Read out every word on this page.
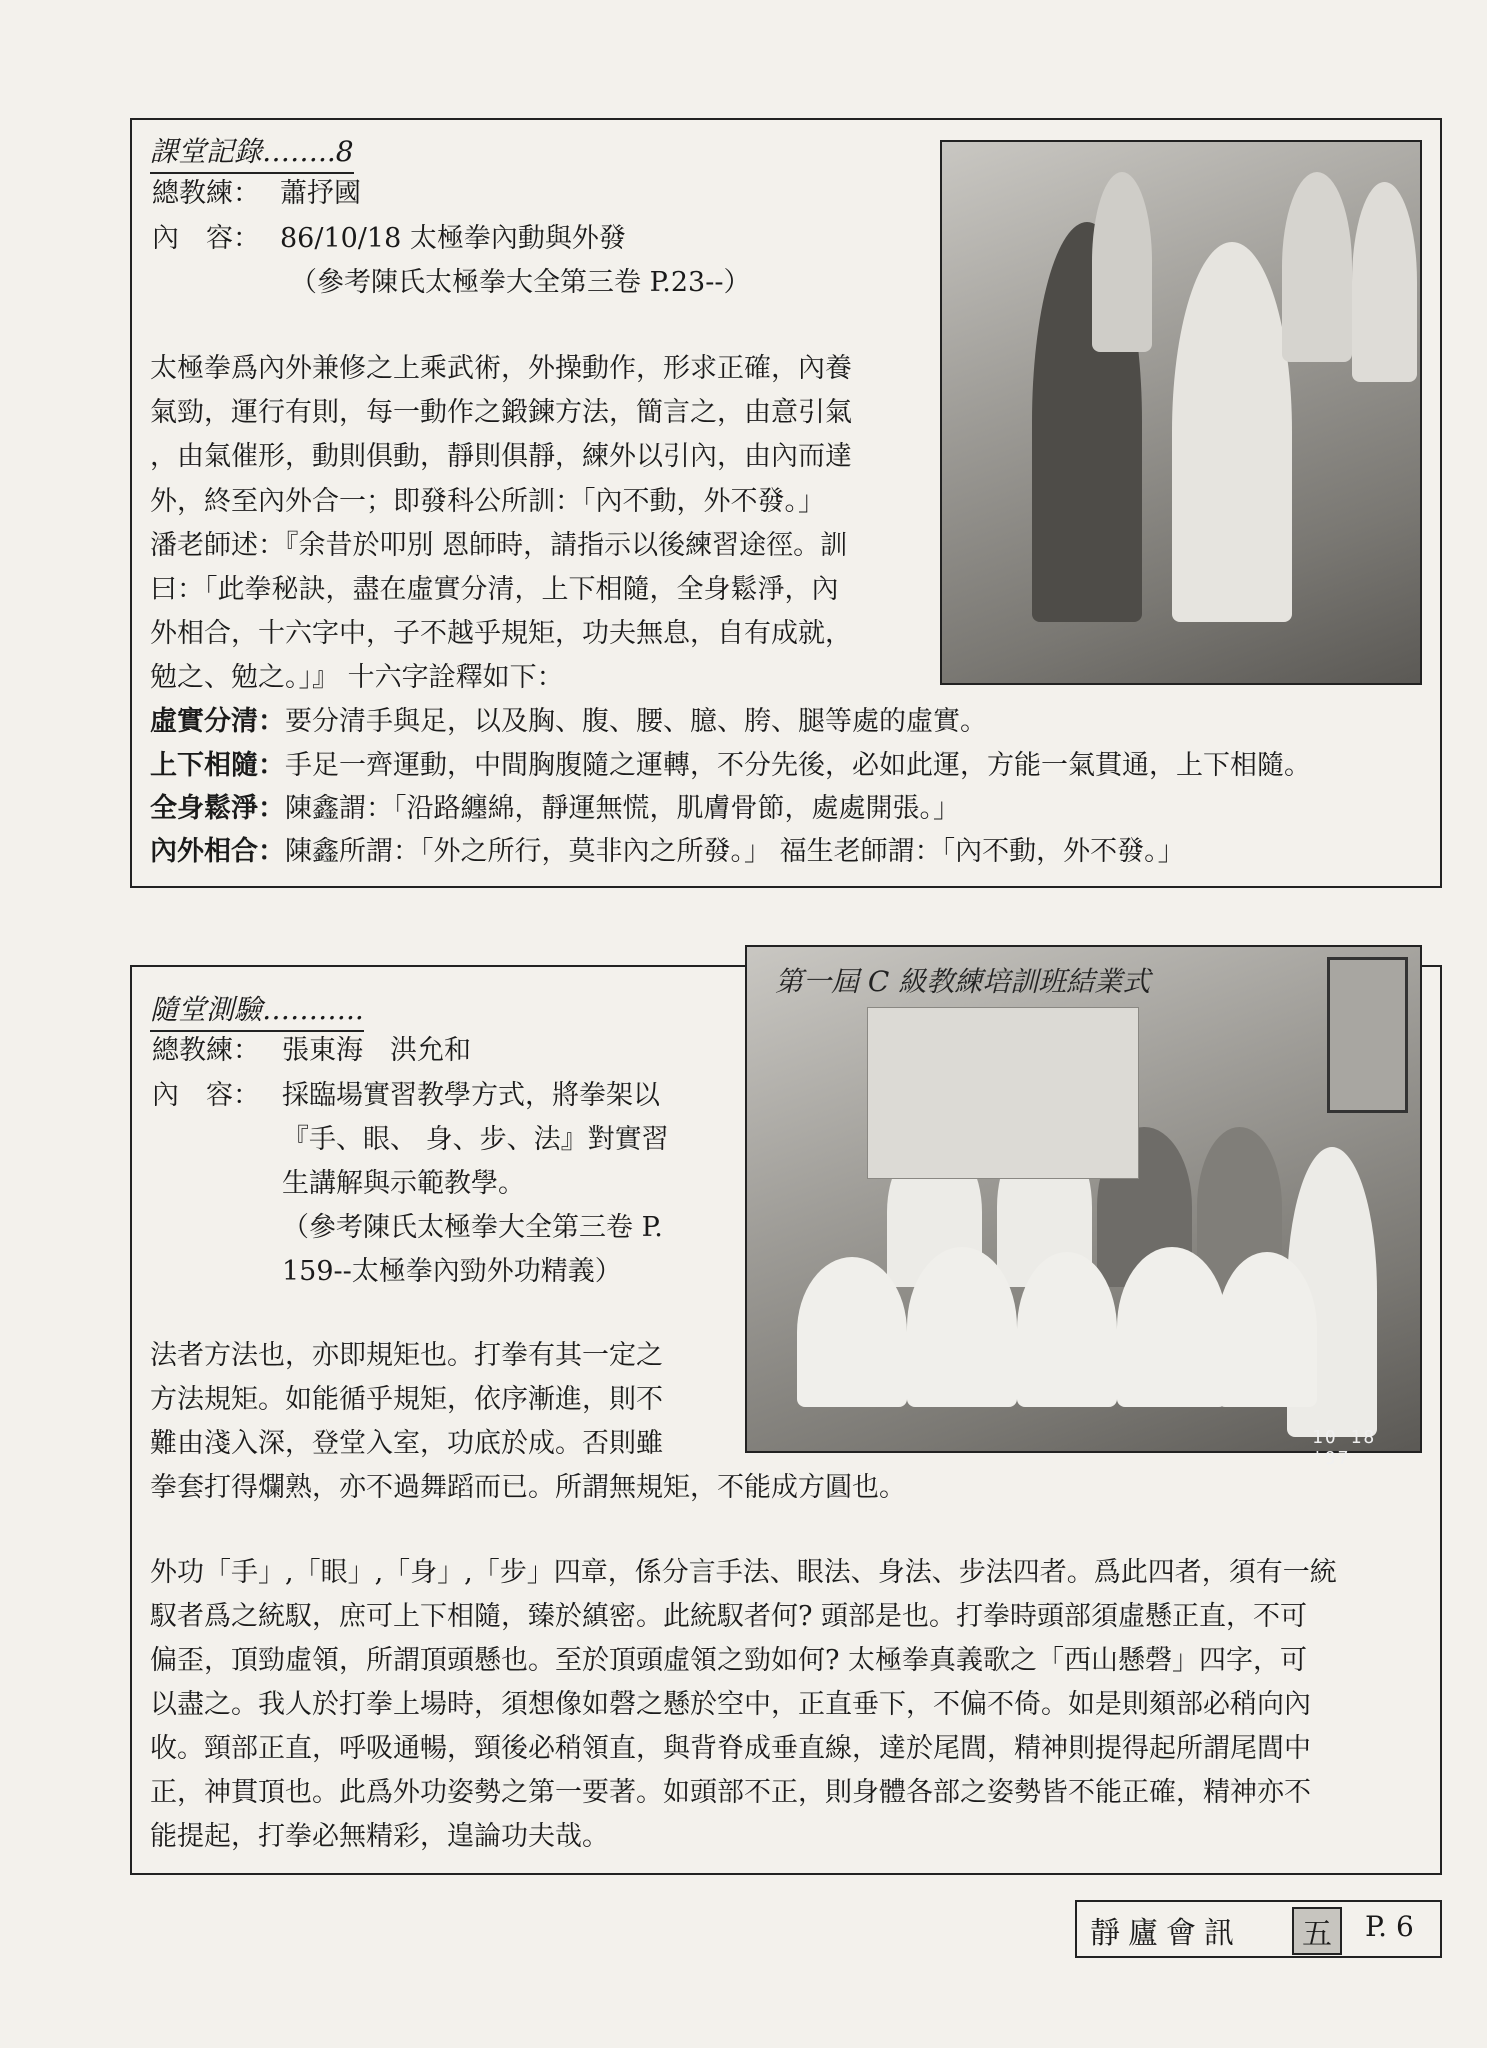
課堂記錄……..8
總教練： 蕭抒國
內　容： 86/10/18 太極拳內動與外發
（參考陳氏太極拳大全第三卷 P.23--）
太極拳爲內外兼修之上乘武術，外操動作，形求正確，內養
氣勁，運行有則，每一動作之鍛鍊方法，簡言之，由意引氣
，由氣催形，動則俱動，靜則俱靜，練外以引內，由內而達
外，終至內外合一；即發科公所訓：「內不動，外不發。」
潘老師述：『余昔於叩別 恩師時，請指示以後練習途徑。訓
曰：「此拳秘訣，盡在虛實分清，上下相隨，全身鬆淨，內
外相合，十六字中，子不越乎規矩，功夫無息，自有成就，
勉之、勉之。」』 十六字詮釋如下：
虛實分清：要分清手與足，以及胸、腹、腰、臆、胯、腿等處的虛實。
上下相隨：手足一齊運動，中間胸腹隨之運轉，不分先後，必如此運，方能一氣貫通，上下相隨。
全身鬆淨：陳鑫謂：「沿路纏綿，靜運無慌，肌膚骨節，處處開張。」
內外相合：陳鑫所謂：「外之所行，莫非內之所發。」 福生老師謂：「內不動，外不發。」
隨堂測驗………..
總教練： 張東海　洪允和
內　容： 採臨場實習教學方式，將拳架以
『手、眼、 身、步、法』對實習
生講解與示範教學。
（參考陳氏太極拳大全第三卷 P.
159--太極拳內勁外功精義）
法者方法也，亦即規矩也。打拳有其一定之
方法規矩。如能循乎規矩，依序漸進，則不
難由淺入深，登堂入室，功底於成。否則雖
拳套打得爛熟，亦不過舞蹈而已。所謂無規矩，不能成方圓也。
外功「手」,「眼」,「身」,「步」四章，係分言手法、眼法、身法、步法四者。爲此四者，須有一統
馭者爲之統馭，庶可上下相隨，臻於縝密。此統馭者何? 頭部是也。打拳時頭部須虛懸正直，不可
偏歪，頂勁虛領，所謂頂頭懸也。至於頂頭虛領之勁如何? 太極拳真義歌之「西山懸磬」四字，可
以盡之。我人於打拳上場時，須想像如磬之懸於空中，正直垂下，不偏不倚。如是則頦部必稍向內
收。頸部正直，呼吸通暢，頸後必稍領直，與背脊成垂直線，達於尾閭，精神則提得起所謂尾閭中
正，神貫頂也。此爲外功姿勢之第一要著。如頭部不正，則身體各部之姿勢皆不能正確，精神亦不
能提起，打拳必無精彩，遑論功夫哉。
10 18 '97
第一屆 C 級教練培訓班結業式
靜廬會訊	五	P. 6
